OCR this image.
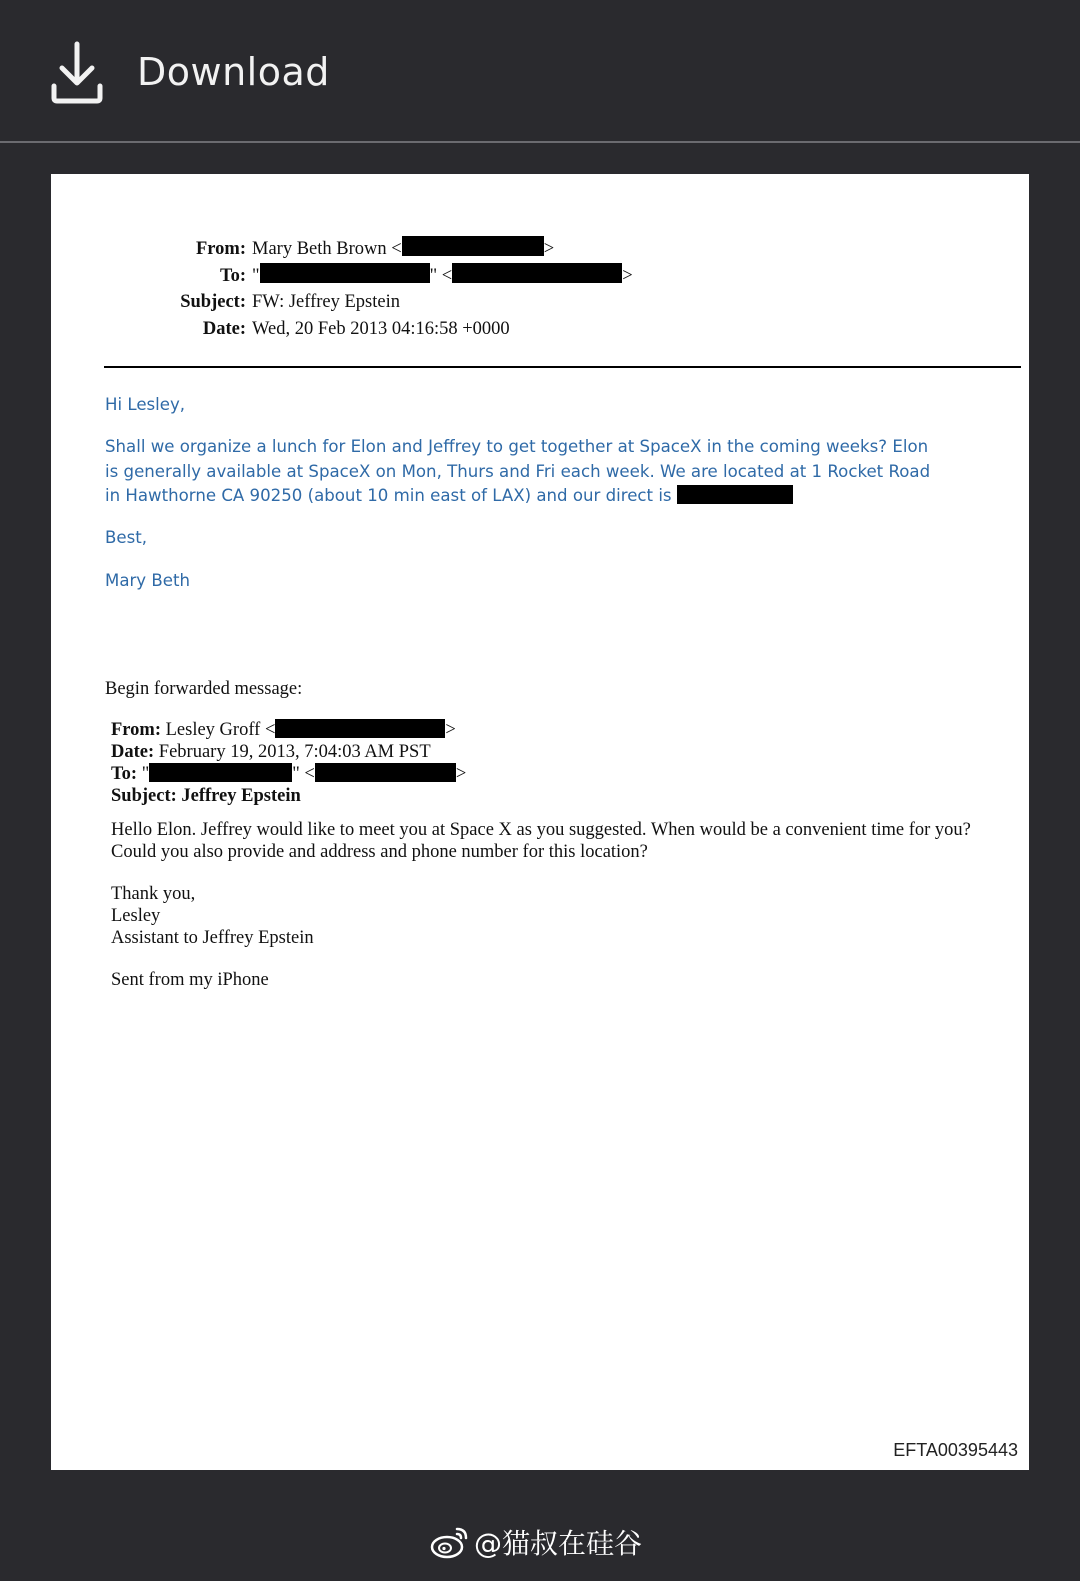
Download
From: Mary Beth Brown <	>
To: "	" <	>
Subject: FW: Jeffrey Epstein
Date: Wed, 20 Feb 2013 04:16:58 +0000
Hi Lesley,
Shall we organize a lunch for Elon and Jeffrey to get together at SpaceX in the coming weeks? Elon is generally available at SpaceX on Mon, Thurs and Fri each week. We are located at 1 Rocket Road in Hawthorne CA 90250 (about 10 min east of LAX) and our direct is
Best,
Mary Beth
Begin forwarded message:
From: Lesley Groff <	>
Date: February 19, 2013, 7:04:03 AM PST
To: "	" <	>
Subject: Jeffrey Epstein
Hello Elon. Jeffrey would like to meet you at Space X as you suggested. When would be a convenient time for you? Could you also provide and address and phone number for this location?
Thank you,
Lesley
Assistant to Jeffrey Epstein
Sent from my iPhone
EFTA00395443
@猫叔在硅谷
